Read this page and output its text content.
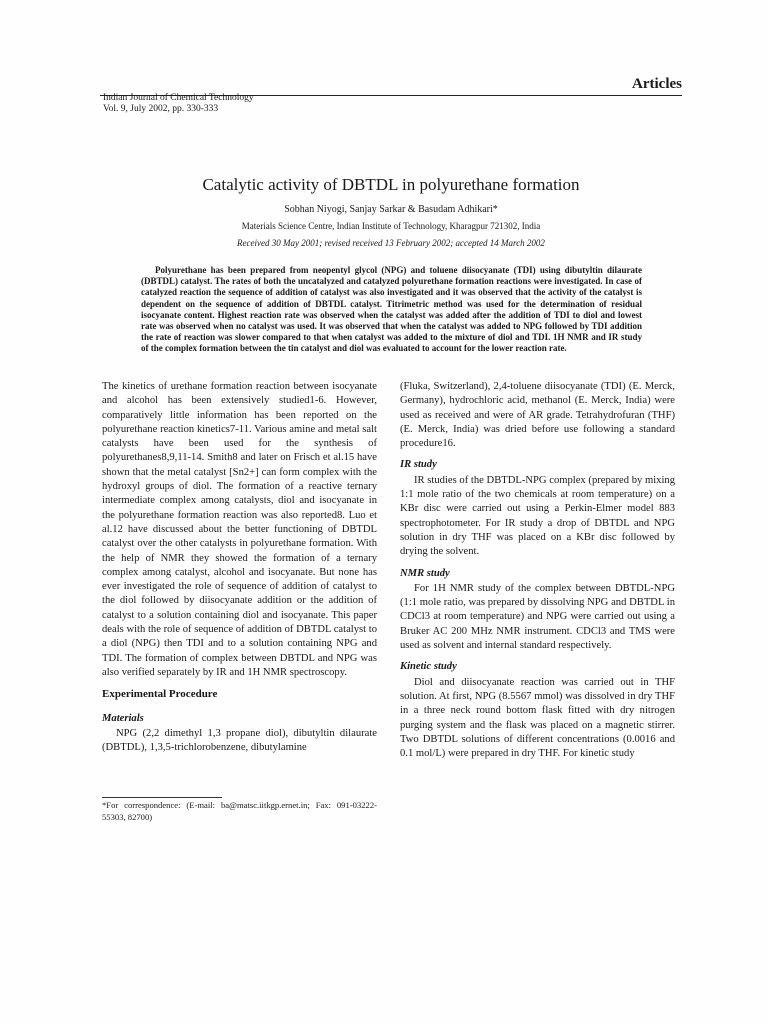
Articles
Indian Journal of Chemical Technology
Vol. 9, July 2002, pp. 330-333
Catalytic activity of DBTDL in polyurethane formation
Sobhan Niyogi, Sanjay Sarkar & Basudam Adhikari*
Materials Science Centre, Indian Institute of Technology, Kharagpur 721302, India
Received 30 May 2001; revised received 13 February 2002; accepted 14 March 2002
Polyurethane has been prepared from neopentyl glycol (NPG) and toluene diisocyanate (TDI) using dibutyltin dilaurate (DBTDL) catalyst. The rates of both the uncatalyzed and catalyzed polyurethane formation reactions were investigated. In case of catalyzed reaction the sequence of addition of catalyst was also investigated and it was observed that the activity of the catalyst is dependent on the sequence of addition of DBTDL catalyst. Titrimetric method was used for the determination of residual isocyanate content. Highest reaction rate was observed when the catalyst was added after the addition of TDI to diol and lowest rate was observed when no catalyst was used. It was observed that when the catalyst was added to NPG followed by TDI addition the rate of reaction was slower compared to that when catalyst was added to the mixture of diol and TDI. 1H NMR and IR study of the complex formation between the tin catalyst and diol was evaluated to account for the lower reaction rate.

The kinetics of urethane formation reaction between isocyanate and alcohol has been extensively studied1-6. However, comparatively little information has been reported on the polyurethane reaction kinetics7-11. Various amine and metal salt catalysts have been used for the synthesis of polyurethanes8,9,11-14. Smith8 and later on Frisch et al.15 have shown that the metal catalyst [Sn2+] can form complex with the hydroxyl groups of diol. The formation of a reactive ternary intermediate complex among catalysts, diol and isocyanate in the polyurethane formation reaction was also reported8. Luo et al.12 have discussed about the better functioning of DBTDL catalyst over the other catalysts in polyurethane formation. With the help of NMR they showed the formation of a ternary complex among catalyst, alcohol and isocyanate. But none has ever investigated the role of sequence of addition of catalyst to the diol followed by diisocyanate addition or the addition of catalyst to a solution containing diol and isocyanate. This paper deals with the role of sequence of addition of DBTDL catalyst to a diol (NPG) then TDI and to a solution containing NPG and TDI. The formation of complex between DBTDL and NPG was also verified separately by IR and 1H NMR spectroscopy.

Experimental Procedure
Materials

NPG (2,2 dimethyl 1,3 propane diol), dibutyltin dilaurate (DBTDL), 1,3,5-trichlorobenzene, dibutylamine

*For correspondence: (E-mail: ba@matsc.iitkgp.ernet.in; Fax: 091-03222-55303, 82700)

(Fluka, Switzerland), 2,4-toluene diisocyanate (TDI) (E. Merck, Germany), hydrochloric acid, methanol (E. Merck, India) were used as received and were of AR grade. Tetrahydrofuran (THF) (E. Merck, India) was dried before use following a standard procedure16.

IR study

IR studies of the DBTDL-NPG complex (prepared by mixing 1:1 mole ratio of the two chemicals at room temperature) on a KBr disc were carried out using a Perkin-Elmer model 883 spectrophotometer. For IR study a drop of DBTDL and NPG solution in dry THF was placed on a KBr disc followed by drying the solvent.

NMR study

For 1H NMR study of the complex between DBTDL-NPG (1:1 mole ratio, was prepared by dissolving NPG and DBTDL in CDCl3 at room temperature) and NPG were carried out using a Bruker AC 200 MHz NMR instrument. CDCl3 and TMS were used as solvent and internal standard respectively.

Kinetic study

Diol and diisocyanate reaction was carried out in THF solution. At first, NPG (8.5567 mmol) was dissolved in dry THF in a three neck round bottom flask fitted with dry nitrogen purging system and the flask was placed on a magnetic stirrer. Two DBTDL solutions of different concentrations (0.0016 and 0.1 mol/L) were prepared in dry THF. For kinetic study
